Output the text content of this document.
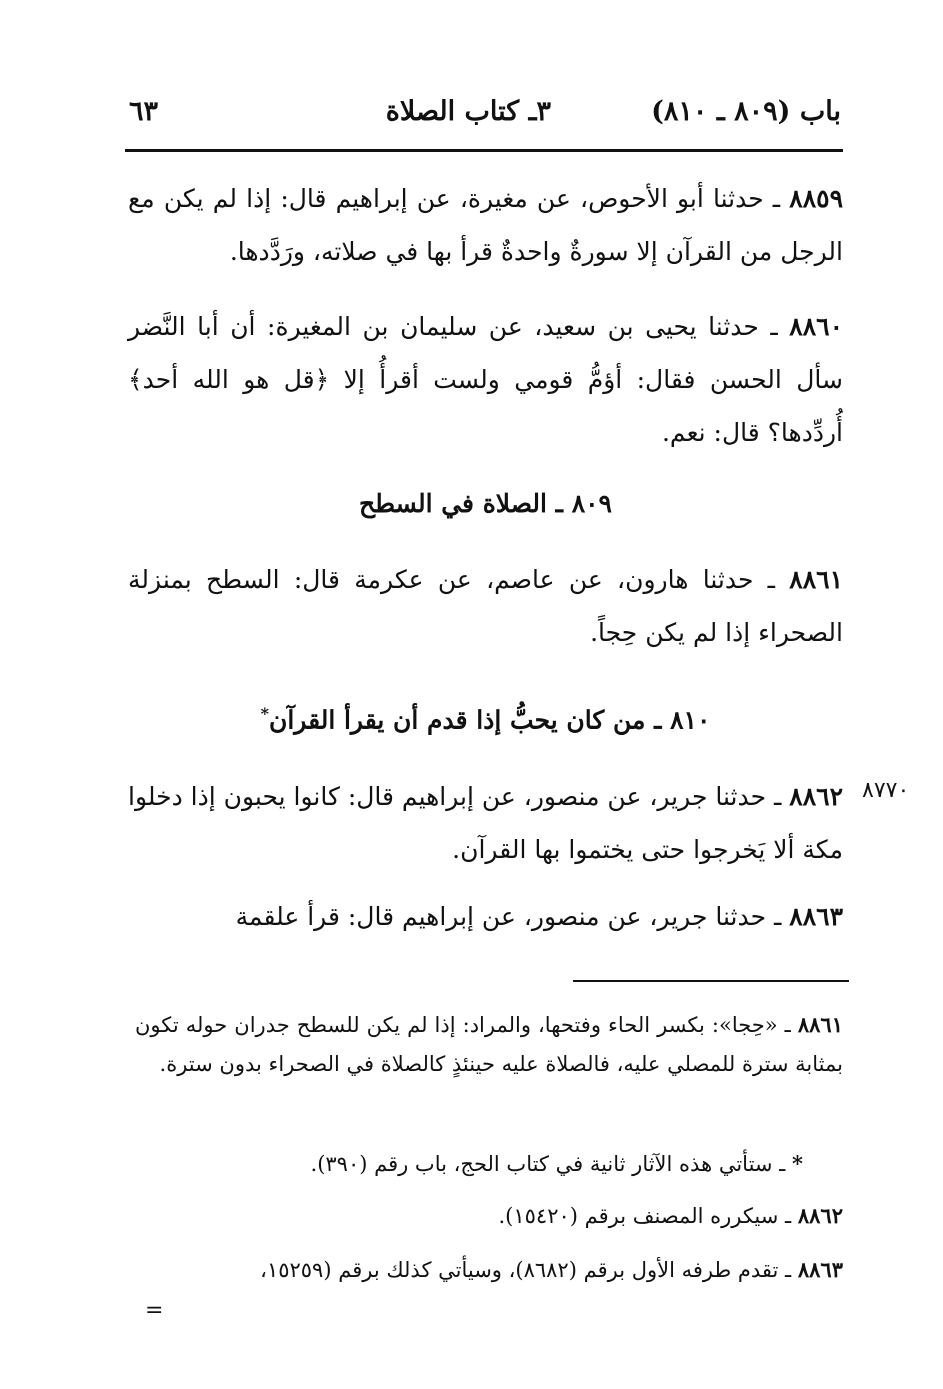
باب (٨٠٩ ـ ٨١٠)
٣ـ كتاب الصلاة
٦٣

٨٨٥٩ ـ حدثنا أبو الأحوص، عن مغيرة، عن إبراهيم قال: إذا لم يكن مع الرجل من القرآن إلا سورةٌ واحدةٌ قرأ بها في صلاته، ورَدَّدها.

٨٨٦٠ ـ حدثنا يحيى بن سعيد، عن سليمان بن المغيرة: أن أبا النَّضر سأل الحسن فقال: أؤمُّ قومي ولست أقرأُ إلا ﴿قل هو الله أحد﴾ أُردِّدها؟ قال: نعم.

٨٠٩ ـ الصلاة في السطح

٨٨٦١ ـ حدثنا هارون، عن عاصم، عن عكرمة قال: السطح بمنزلة الصحراء إذا لم يكن حِجاً.

٨١٠ ـ من كان يحبُّ إذا قدم أن يقرأ القرآن*

٨٧٧٠

٨٨٦٢ ـ حدثنا جرير، عن منصور، عن إبراهيم قال: كانوا يحبون إذا دخلوا مكة ألا يَخرجوا حتى يختموا بها القرآن.

٨٨٦٣ ـ حدثنا جرير، عن منصور، عن إبراهيم قال: قرأ علقمة

٨٨٦١ ـ «حِجا»: بكسر الحاء وفتحها، والمراد: إذا لم يكن للسطح جدران حوله تكون بمثابة سترة للمصلي عليه، فالصلاة عليه حينئذٍ كالصلاة في الصحراء بدون سترة.

* ـ ستأتي هذه الآثار ثانية في كتاب الحج، باب رقم (٣٩٠).

٨٨٦٢ ـ سيكرره المصنف برقم (١٥٤٢٠).

٨٨٦٣ ـ تقدم طرفه الأول برقم (٨٦٨٢)، وسيأتي كذلك برقم (١٥٢٥٩،

=
